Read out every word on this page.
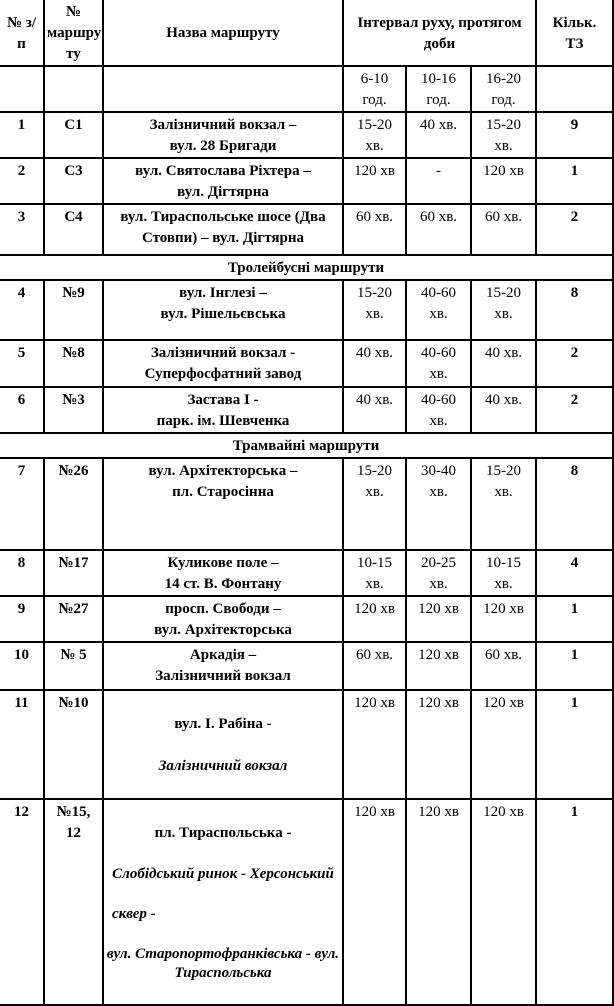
№ з/
п	№
маршру
ту	Назва маршруту	Інтервал руху, протягом
доби			Кільк.
ТЗ
			6-10
год.	10-16
год.	16-20
год.	
1	С1	Залізничний вокзал –
вул. 28 Бригади	15-20
хв.	40 хв.	15-20
хв.	9
2	С3	вул. Святослава Ріхтера –
вул. Дігтярна	120 хв	-	120 хв	1
3	С4	вул. Тираспольське шосе (Два
Стовпи) – вул. Дігтярна	60 хв.	60 хв.	60 хв.	2
Тролейбусні маршрути						
4	№9	вул. Інглезі –
вул. Рішельєвська	15-20
хв.	40-60
хв.	15-20
хв.	8
5	№8	Залізничний вокзал -
Суперфосфатний завод	40 хв.	40-60
хв.	40 хв.	2
6	№3	Застава І -
парк. ім. Шевченка	40 хв.	40-60
хв.	40 хв.	2
Трамвайні маршрути						
7	№26	вул. Архітекторська –
пл. Старосінна	15-20
хв.	30-40
хв.	15-20
хв.	8
8	№17	Куликове поле –
14 ст. В. Фонтану	10-15
хв.	20-25
хв.	10-15
хв.	4
9	№27	просп. Свободи –
вул. Архітекторська	120 хв	120 хв	120 хв	1
10	№ 5	Аркадія –
Залізничний вокзал	60 хв.	120 хв	60 хв.	1
11	№10	вул. І. Рабіна -

Залізничний вокзал	120 хв	120 хв	120 хв	1
12	№15,
12	пл. Тираспольська -

Слобідський ринок - Херсонський

сквер -

вул. Старопортофранківська - вул.
Тираспольська

	120 хв	120 хв	120 хв	1
